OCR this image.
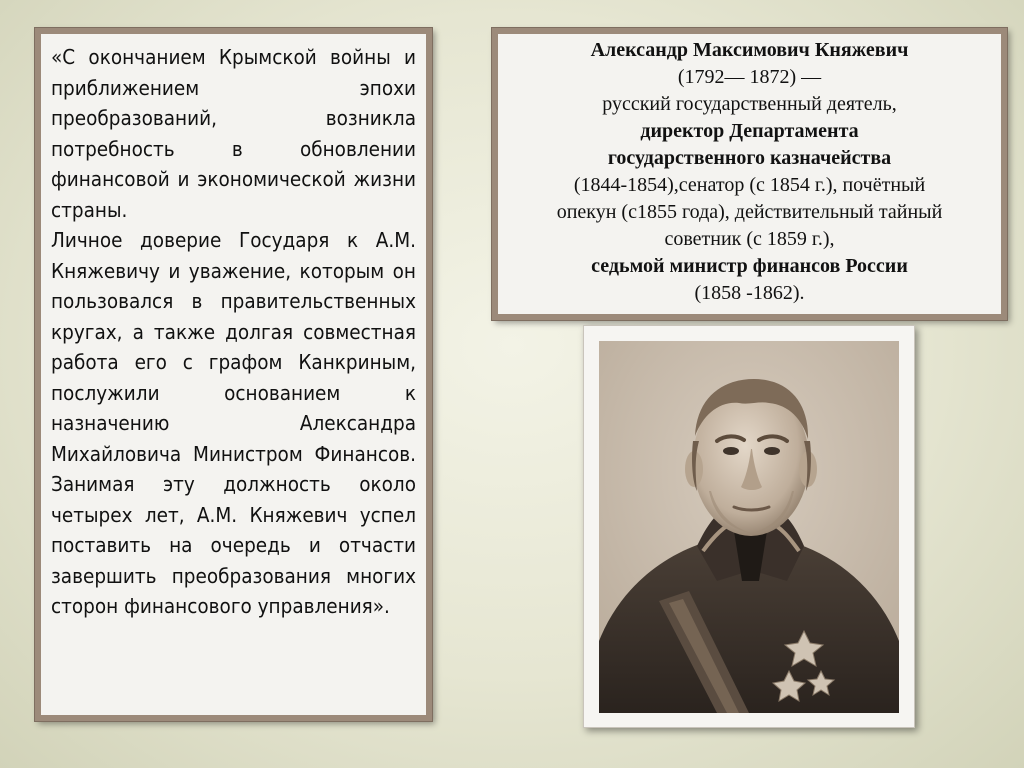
«С окончанием Крымской войны и приближением эпохи преобразований, возникла потребность в обновлении финансовой и экономической жизни страны.

Личное доверие Государя к А.М. Княжевичу и уважение, которым он пользовался в правительственных кругах, а также долгая совместная работа его с графом Канкриным, послужили основанием к назначению Александра Михайловича Министром Финансов. Занимая эту должность около четырех лет, А.М. Княжевич успел поставить на очередь и отчасти завершить преобразования многих сторон финансового управления».

Александр Максимович Княжевич
(1792— 1872) —
русский государственный деятель,
директор Департамента
государственного казначейства
(1844-1854),сенатор (с 1854 г.), почётный
опекун (с1855 года), действительный тайный
советник (с 1859 г.),
седьмой министр финансов России
(1858 -1862).
